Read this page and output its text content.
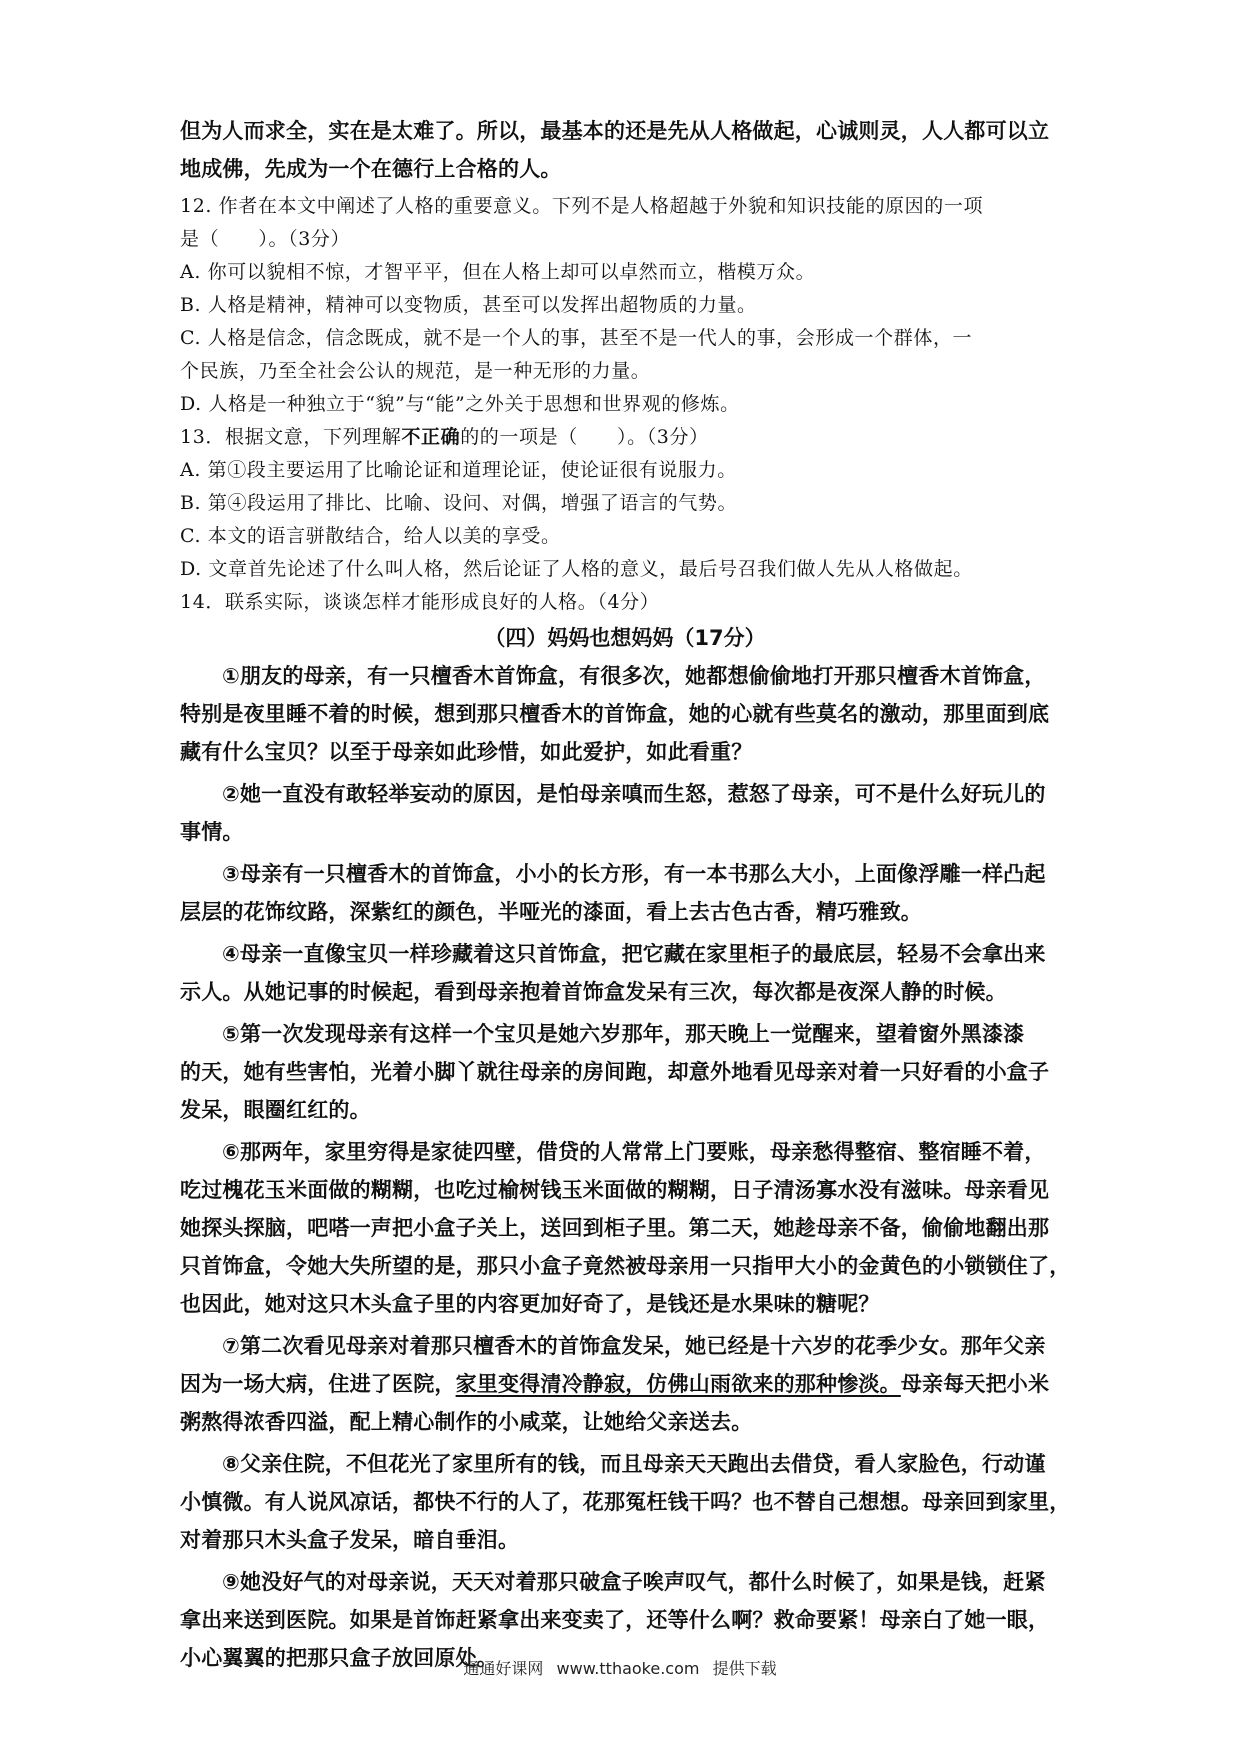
但为人而求全，实在是太难了。所以，最基本的还是先从人格做起，心诚则灵，人人都可以立

地成佛，先成为一个在德行上合格的人。

12. 作者在本文中阐述了人格的重要意义。下列不是人格超越于外貌和知识技能的原因的一项

是（　　）。（3分）

A. 你可以貌相不惊，才智平平，但在人格上却可以卓然而立，楷模万众。

B. 人格是精神，精神可以变物质，甚至可以发挥出超物质的力量。

C. 人格是信念，信念既成，就不是一个人的事，甚至不是一代人的事，会形成一个群体，一

个民族，乃至全社会公认的规范，是一种无形的力量。

D. 人格是一种独立于“貌”与“能”之外关于思想和世界观的修炼。

13．根据文意，下列理解不正确的的一项是（　　）。（3分）

A. 第①段主要运用了比喻论证和道理论证，使论证很有说服力。

B. 第④段运用了排比、比喻、设问、对偶，增强了语言的气势。

C. 本文的语言骈散结合，给人以美的享受。

D. 文章首先论述了什么叫人格，然后论证了人格的意义，最后号召我们做人先从人格做起。

14．联系实际，谈谈怎样才能形成良好的人格。（4分）

（四）妈妈也想妈妈（17分）

①朋友的母亲，有一只檀香木首饰盒，有很多次，她都想偷偷地打开那只檀香木首饰盒，

特别是夜里睡不着的时候，想到那只檀香木的首饰盒，她的心就有些莫名的激动，那里面到底

藏有什么宝贝？以至于母亲如此珍惜，如此爱护，如此看重？

②她一直没有敢轻举妄动的原因，是怕母亲嗔而生怒，惹怒了母亲，可不是什么好玩儿的

事情。

③母亲有一只檀香木的首饰盒，小小的长方形，有一本书那么大小，上面像浮雕一样凸起

层层的花饰纹路，深紫红的颜色，半哑光的漆面，看上去古色古香，精巧雅致。

④母亲一直像宝贝一样珍藏着这只首饰盒，把它藏在家里柜子的最底层，轻易不会拿出来

示人。从她记事的时候起，看到母亲抱着首饰盒发呆有三次，每次都是夜深人静的时候。

⑤第一次发现母亲有这样一个宝贝是她六岁那年，那天晚上一觉醒来，望着窗外黑漆漆

的天，她有些害怕，光着小脚丫就往母亲的房间跑，却意外地看见母亲对着一只好看的小盒子

发呆，眼圈红红的。

⑥那两年，家里穷得是家徒四壁，借贷的人常常上门要账，母亲愁得整宿、整宿睡不着，

吃过槐花玉米面做的糊糊，也吃过榆树钱玉米面做的糊糊，日子清汤寡水没有滋味。母亲看见

她探头探脑，吧嗒一声把小盒子关上，送回到柜子里。第二天，她趁母亲不备，偷偷地翻出那

只首饰盒，令她大失所望的是，那只小盒子竟然被母亲用一只指甲大小的金黄色的小锁锁住了，

也因此，她对这只木头盒子里的内容更加好奇了，是钱还是水果味的糖呢？

⑦第二次看见母亲对着那只檀香木的首饰盒发呆，她已经是十六岁的花季少女。那年父亲

因为一场大病，住进了医院，家里变得清冷静寂，仿佛山雨欲来的那种惨淡。母亲每天把小米

粥熬得浓香四溢，配上精心制作的小咸菜，让她给父亲送去。

⑧父亲住院，不但花光了家里所有的钱，而且母亲天天跑出去借贷，看人家脸色，行动谨

小慎微。有人说风凉话，都快不行的人了，花那冤枉钱干吗？也不替自己想想。母亲回到家里，

对着那只木头盒子发呆，暗自垂泪。

⑨她没好气的对母亲说，天天对着那只破盒子唉声叹气，都什么时候了，如果是钱，赶紧

拿出来送到医院。如果是首饰赶紧拿出来变卖了，还等什么啊？救命要紧！母亲白了她一眼，

小心翼翼的把那只盒子放回原处。

通通好课网 www.tthaoke.com 提供下载
